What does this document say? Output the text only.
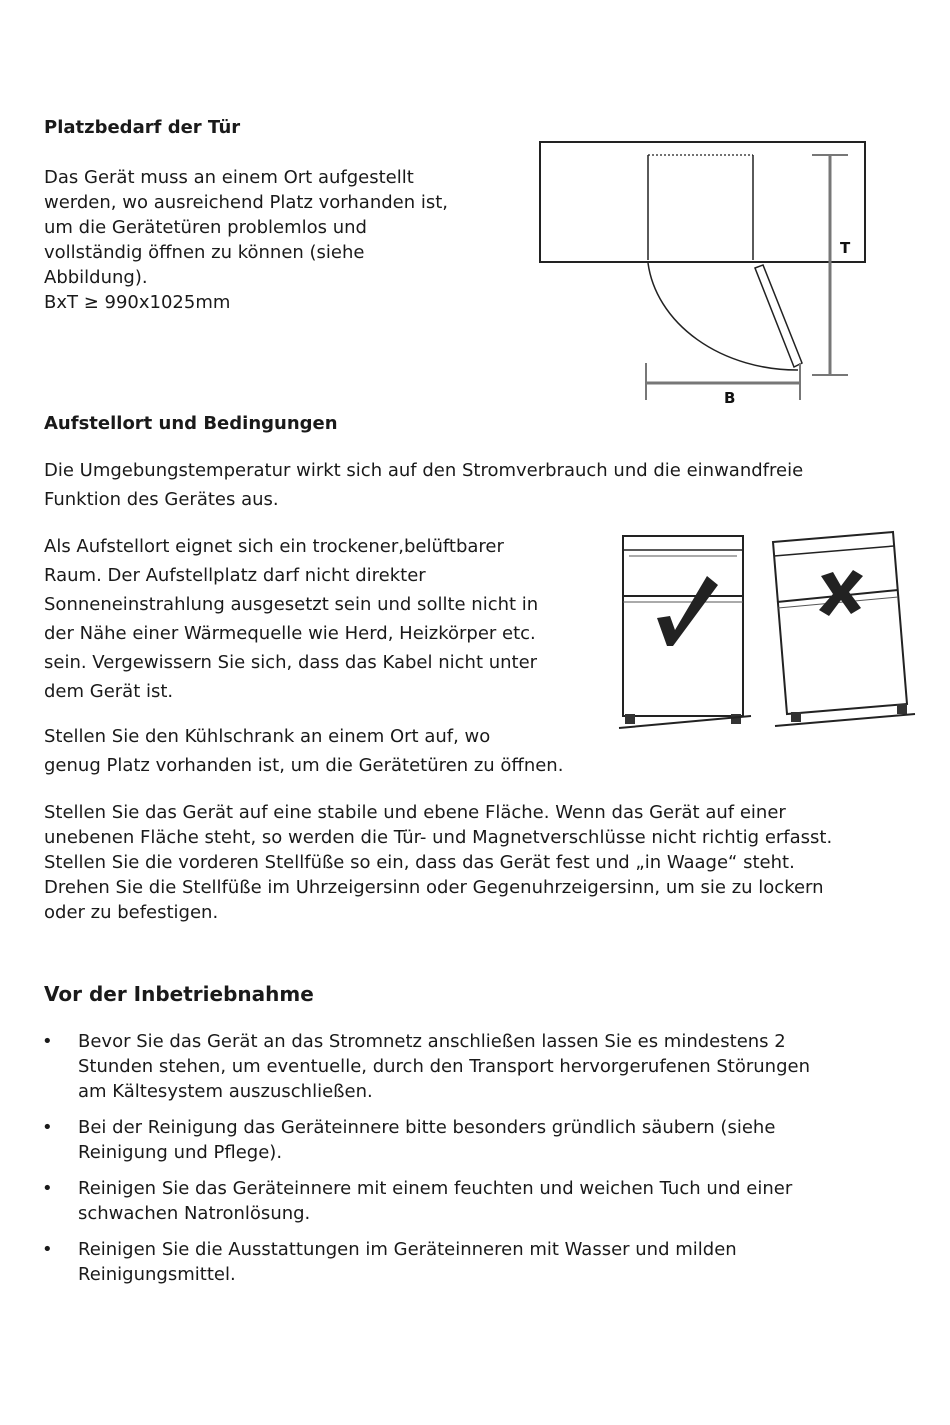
Platzbedarf der Tür
Das Gerät muss an einem Ort aufgestellt
werden, wo ausreichend Platz vorhanden ist,
um die Gerätetüren problemlos und
vollständig öffnen zu können (siehe
Abbildung).
BxT ≥ 990x1025mm
T
B
Aufstellort und Bedingungen
Die Umgebungstemperatur wirkt sich auf den Stromverbrauch und die einwandfreie
Funktion des Gerätes aus.
Als Aufstellort eignet sich ein trockener,belüftbarer
Raum. Der Aufstellplatz darf nicht direkter
Sonneneinstrahlung ausgesetzt sein und sollte nicht in
der Nähe einer Wärmequelle wie Herd, Heizkörper etc.
sein. Vergewissern Sie sich, dass das Kabel nicht unter
dem Gerät ist.
Stellen Sie den Kühlschrank an einem Ort auf, wo
genug Platz vorhanden ist, um die Gerätetüren zu öffnen.
Stellen Sie das Gerät auf eine stabile und ebene Fläche. Wenn das Gerät auf einer
unebenen Fläche steht, so werden die Tür- und Magnetverschlüsse nicht richtig erfasst.
Stellen Sie die vorderen Stellfüße so ein, dass das Gerät fest und „in Waage“ steht.
Drehen Sie die Stellfüße im Uhrzeigersinn oder Gegenuhrzeigersinn, um sie zu lockern
oder zu befestigen.
Vor der Inbetriebnahme
• Bevor Sie das Gerät an das Stromnetz anschließen lassen Sie es mindestens 2
Stunden stehen, um eventuelle, durch den Transport hervorgerufenen Störungen
am Kältesystem auszuschließen.
• Bei der Reinigung das Geräteinnere bitte besonders gründlich säubern (siehe
Reinigung und Pflege).
• Reinigen Sie das Geräteinnere mit einem feuchten und weichen Tuch und einer
schwachen Natronlösung.
• Reinigen Sie die Ausstattungen im Geräteinneren mit Wasser und milden
Reinigungsmittel.
